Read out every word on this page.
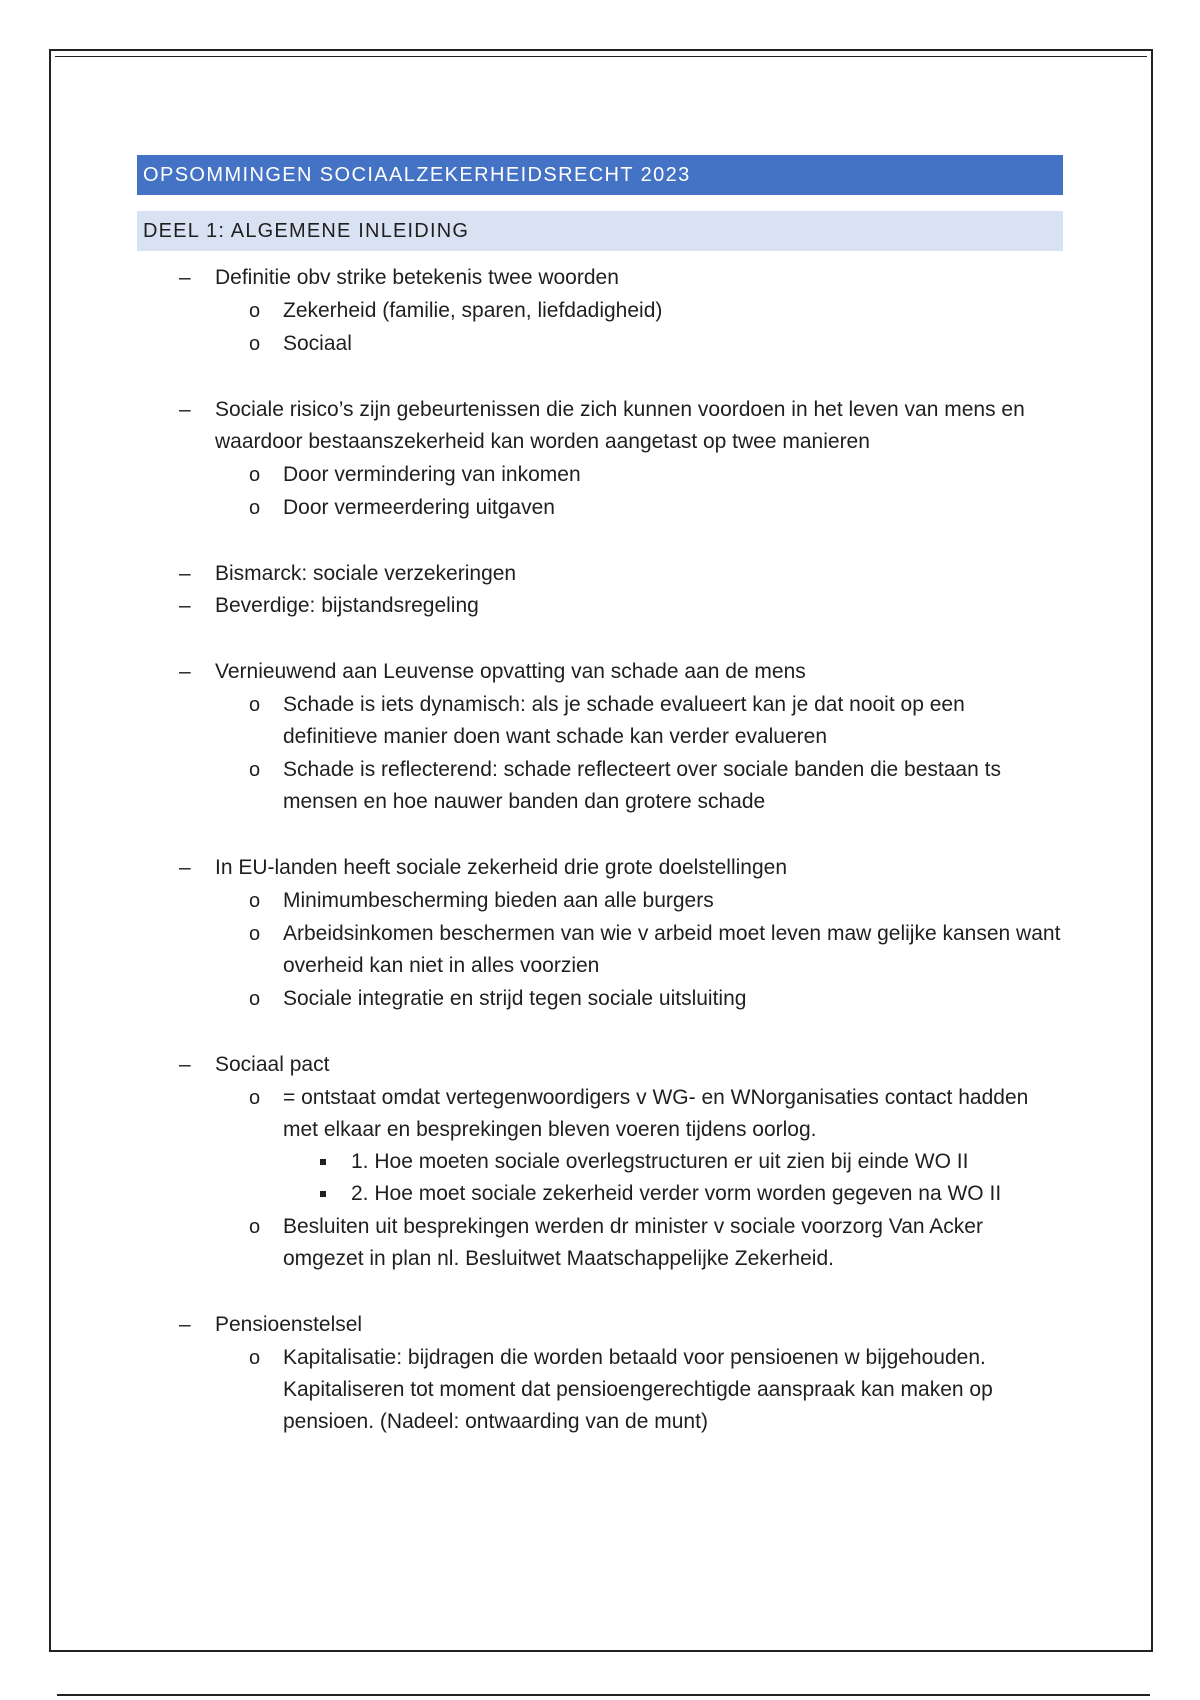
OPSOMMINGEN SOCIAALZEKERHEIDSRECHT 2023
DEEL 1: ALGEMENE INLEIDING
– Definitie obv strike betekenis twee woorden
o Zekerheid (familie, sparen, liefdadigheid)
o Sociaal
– Sociale risico’s zijn gebeurtenissen die zich kunnen voordoen in het leven van mens en waardoor bestaanszekerheid kan worden aangetast op twee manieren
o Door vermindering van inkomen
o Door vermeerdering uitgaven
– Bismarck: sociale verzekeringen
– Beverdige: bijstandsregeling
– Vernieuwend aan Leuvense opvatting van schade aan de mens
o Schade is iets dynamisch: als je schade evalueert kan je dat nooit op een definitieve manier doen want schade kan verder evalueren
o Schade is reflecterend: schade reflecteert over sociale banden die bestaan ts mensen en hoe nauwer banden dan grotere schade
– In EU-landen heeft sociale zekerheid drie grote doelstellingen
o Minimumbescherming bieden aan alle burgers
o Arbeidsinkomen beschermen van wie v arbeid moet leven maw gelijke kansen want overheid kan niet in alles voorzien
o Sociale integratie en strijd tegen sociale uitsluiting
– Sociaal pact
o = ontstaat omdat vertegenwoordigers v WG- en WNorganisaties contact hadden met elkaar en besprekingen bleven voeren tijdens oorlog.
1. Hoe moeten sociale overlegstructuren er uit zien bij einde WO II
2. Hoe moet sociale zekerheid verder vorm worden gegeven na WO II
o Besluiten uit besprekingen werden dr minister v sociale voorzorg Van Acker omgezet in plan nl. Besluitwet Maatschappelijke Zekerheid.
– Pensioenstelsel
o Kapitalisatie: bijdragen die worden betaald voor pensioenen w bijgehouden. Kapitaliseren tot moment dat pensioengerechtigde aanspraak kan maken op pensioen. (Nadeel: ontwaarding van de munt)
